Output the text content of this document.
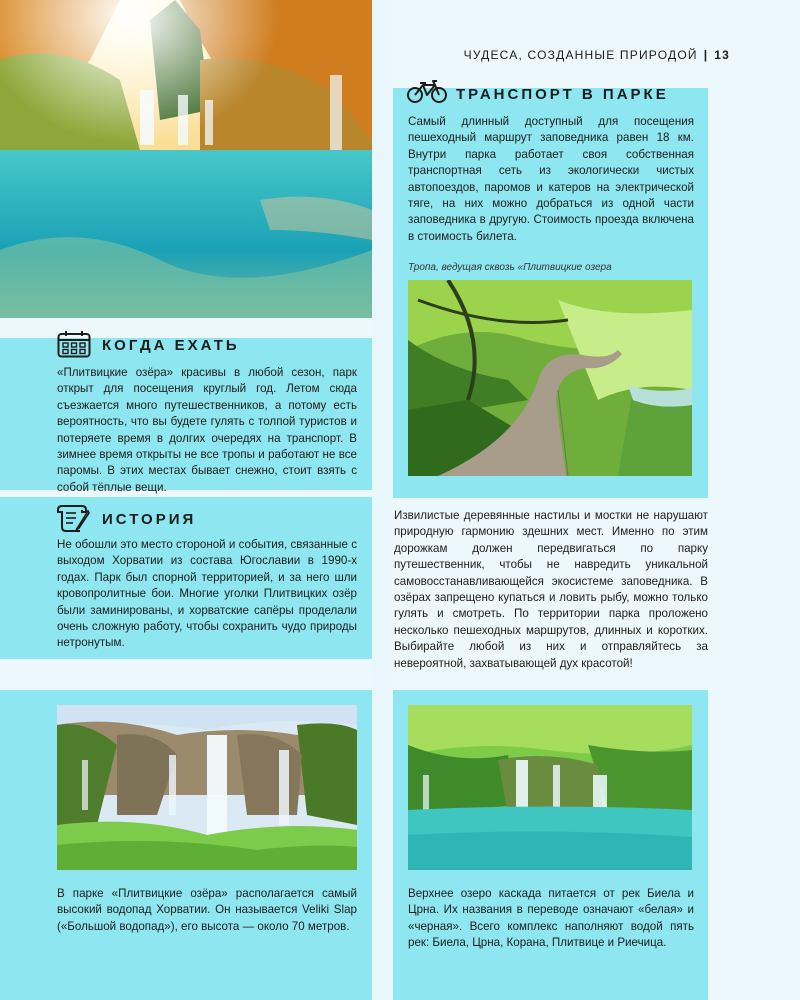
ЧУДЕСА, СОЗДАННЫЕ ПРИРОДОЙ | 13
ТРАНСПОРТ В ПАРКЕ
Самый длинный доступный для посещения пешеходный маршрут заповедника равен 18 км. Внутри парка работает своя собственная транспортная сеть из экологически чистых автопоездов, паромов и катеров на электрической тяге, на них можно добраться из одной части заповедника в другую. Стоимость проезда включена в стоимость билета.
Тропа, ведущая сквозь «Плитвицкие озера
Извилистые деревянные настилы и мостки не нарушают природную гармонию здешних мест. Именно по этим дорожкам должен передвигаться по парку путешественник, чтобы не навредить уникальной самовосстанавливающейся экосистеме заповедника. В озёрах запрещено купаться и ловить рыбу, можно только гулять и смотреть. По территории парка проложено несколько пешеходных маршрутов, длинных и коротких. Выбирайте любой из них и отправляйтесь за невероятной, захватывающей дух красотой!
КОГДА ЕХАТЬ
«Плитвицкие озёра» красивы в любой сезон, парк открыт для посещения круглый год. Летом сюда съезжается много путешественников, а потому есть вероятность, что вы будете гулять с толпой туристов и потеряете время в долгих очередях на транспорт. В зимнее время открыты не все тропы и работают не все паромы. В этих местах бывает снежно, стоит взять с собой тёплые вещи.
ИСТОРИЯ
Не обошли это место стороной и события, связанные с выходом Хорватии из состава Югославии в 1990-х годах. Парк был спорной территорией, и за него шли кровопролитные бои. Многие уголки Плитвицких озёр были заминированы, и хорватские сапёры проделали очень сложную работу, чтобы сохранить чудо природы нетронутым.
В парке «Плитвицкие озёра» располагается самый высокий водопад Хорватии. Он называется Veliki Slap («Большой водопад»), его высота — около 70 метров.
Верхнее озеро каскада питается от рек Биела и Црна. Их названия в переводе означают «белая» и «черная». Всего комплекс наполняют водой пять рек: Биела, Црна, Корана, Плитвице и Риечица.
